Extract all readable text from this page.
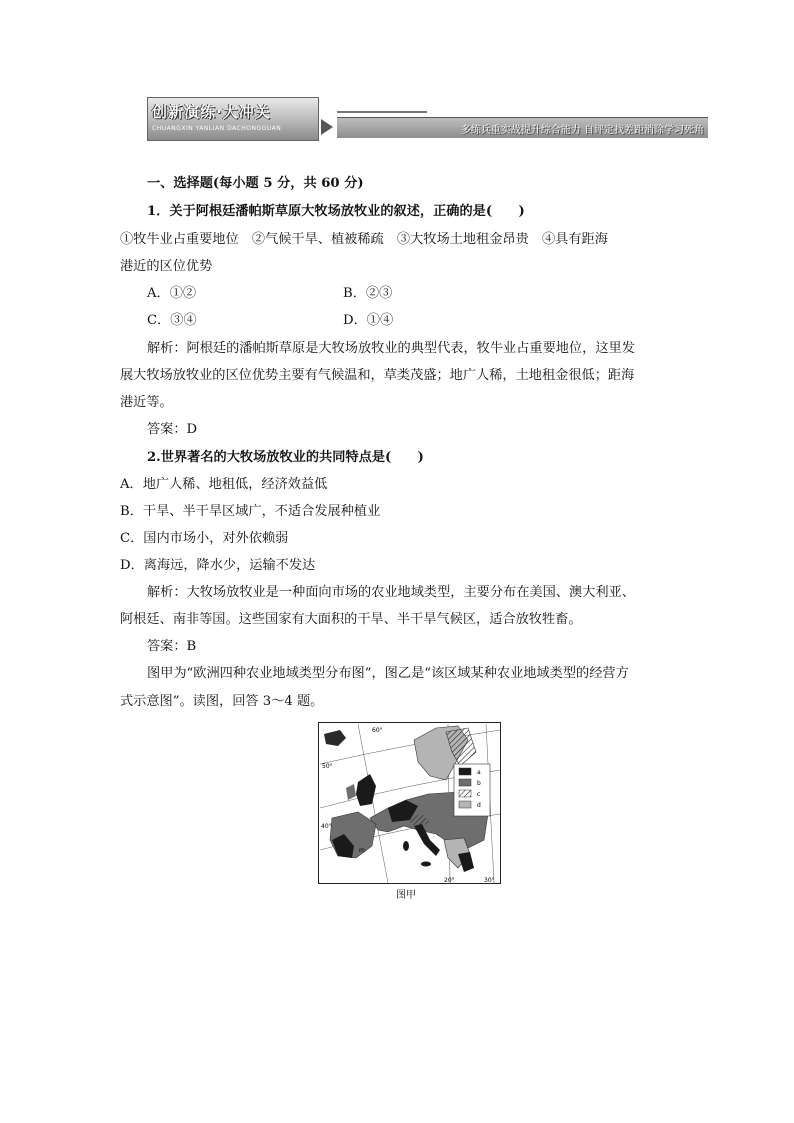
创新演练·大冲关
CHUANGXIN YANLIAN DACHONGGUAN	多练兵重实战提升综合能力 自评定找差距消除学习死角
一、选择题(每小题 5 分，共 60 分)
1．关于阿根廷潘帕斯草原大牧场放牧业的叙述，正确的是(　　)
①牧牛业占重要地位　②气候干旱、植被稀疏　③大牧场土地租金昂贵　④具有距海
港近的区位优势
A．①②	B．②③
C．③④	D．①④
解析：阿根廷的潘帕斯草原是大牧场放牧业的典型代表，牧牛业占重要地位，这里发
展大牧场放牧业的区位优势主要有气候温和，草类茂盛；地广人稀，土地租金很低；距海
港近等。
答案：D
2.世界著名的大牧场放牧业的共同特点是(　　)
A．地广人稀、地租低，经济效益低
B．干旱、半干旱区域广，不适合发展种植业
C．国内市场小，对外依赖弱
D．离海远，降水少，运输不发达
解析：大牧场放牧业是一种面向市场的农业地域类型，主要分布在美国、澳大利亚、
阿根廷、南非等国。这些国家有大面积的干旱、半干旱气候区，适合放牧牲畜。
答案：B
图甲为“欧洲四种农业地域类型分布图”，图乙是“该区域某种农业地域类型的经营方
式示意图”。读图，回答 3～4 题。
a
b
c
d
60°
50°
40°
20°	30°
m
图甲
